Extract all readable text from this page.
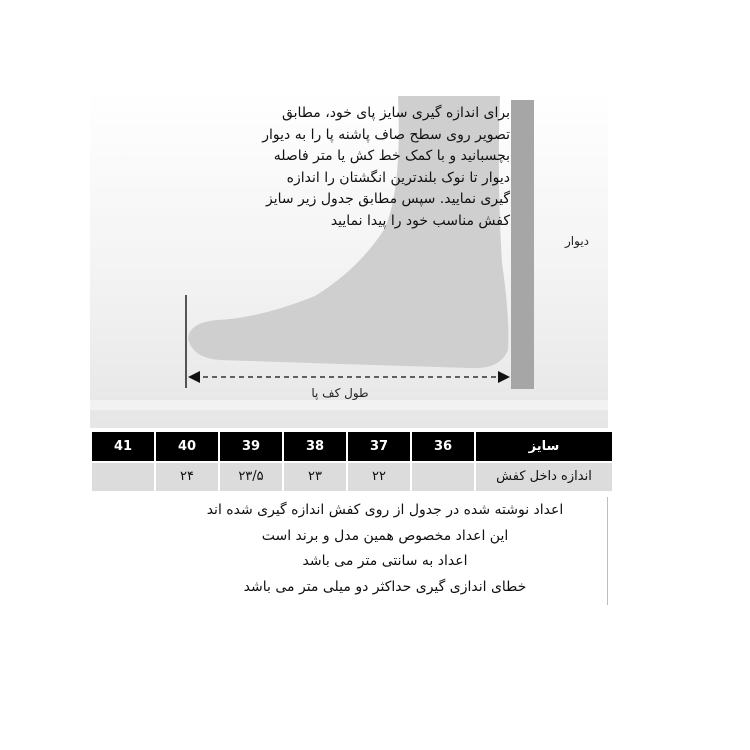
برای اندازه گیری سایز پای خود، مطابق
تصویر روی سطح صاف پاشنه پا را به دیوار
بچسبانید و با کمک خط کش یا متر فاصله
دیوار تا نوک بلندترین انگشتان را اندازه
گیری نمایید. سپس مطابق جدول زیر سایز
کفش مناسب خود را پیدا نمایید
دیوار
طول کف پا
41	40	39	38	37	36	سایز
	۲۴	۲۳/۵	۲۳	۲۲		اندازه داخل کفش
اعداد نوشته شده در جدول از روی کفش اندازه گیری شده اند
این اعداد مخصوص همین مدل و برند است
اعداد به سانتی متر می باشد
خطای اندازی گیری حداکثر دو میلی متر می باشد
